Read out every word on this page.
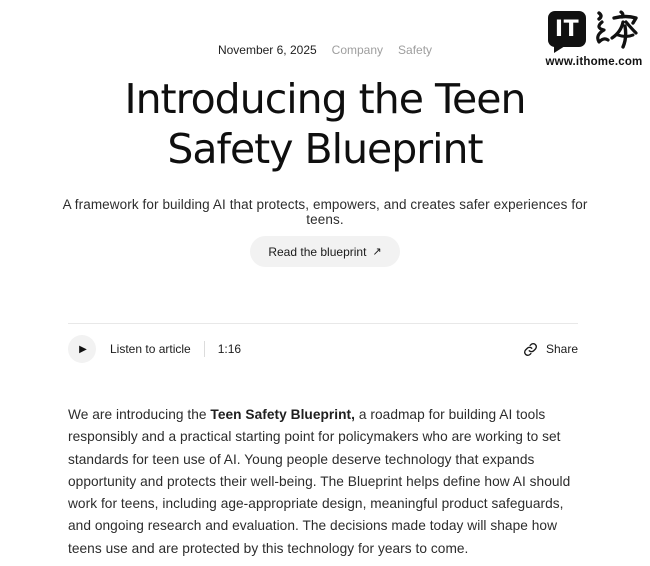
IT
www.ithome.com
November 6, 2025 Company Safety
Introducing the Teen
Safety Blueprint

A framework for building AI that protects, empowers, and creates safer experiences for teens.

Read the blueprint ↗
▶ Listen to article 1:16	Share

We are introducing the Teen Safety Blueprint, a roadmap for building AI tools responsibly and a practical starting point for policymakers who are working to set standards for teen use of AI. Young people deserve technology that expands opportunity and protects their well-being. The Blueprint helps define how AI should work for teens, including age-appropriate design, meaningful product safeguards, and ongoing research and evaluation. The decisions made today will shape how teens use and are protected by this technology for years to come.
